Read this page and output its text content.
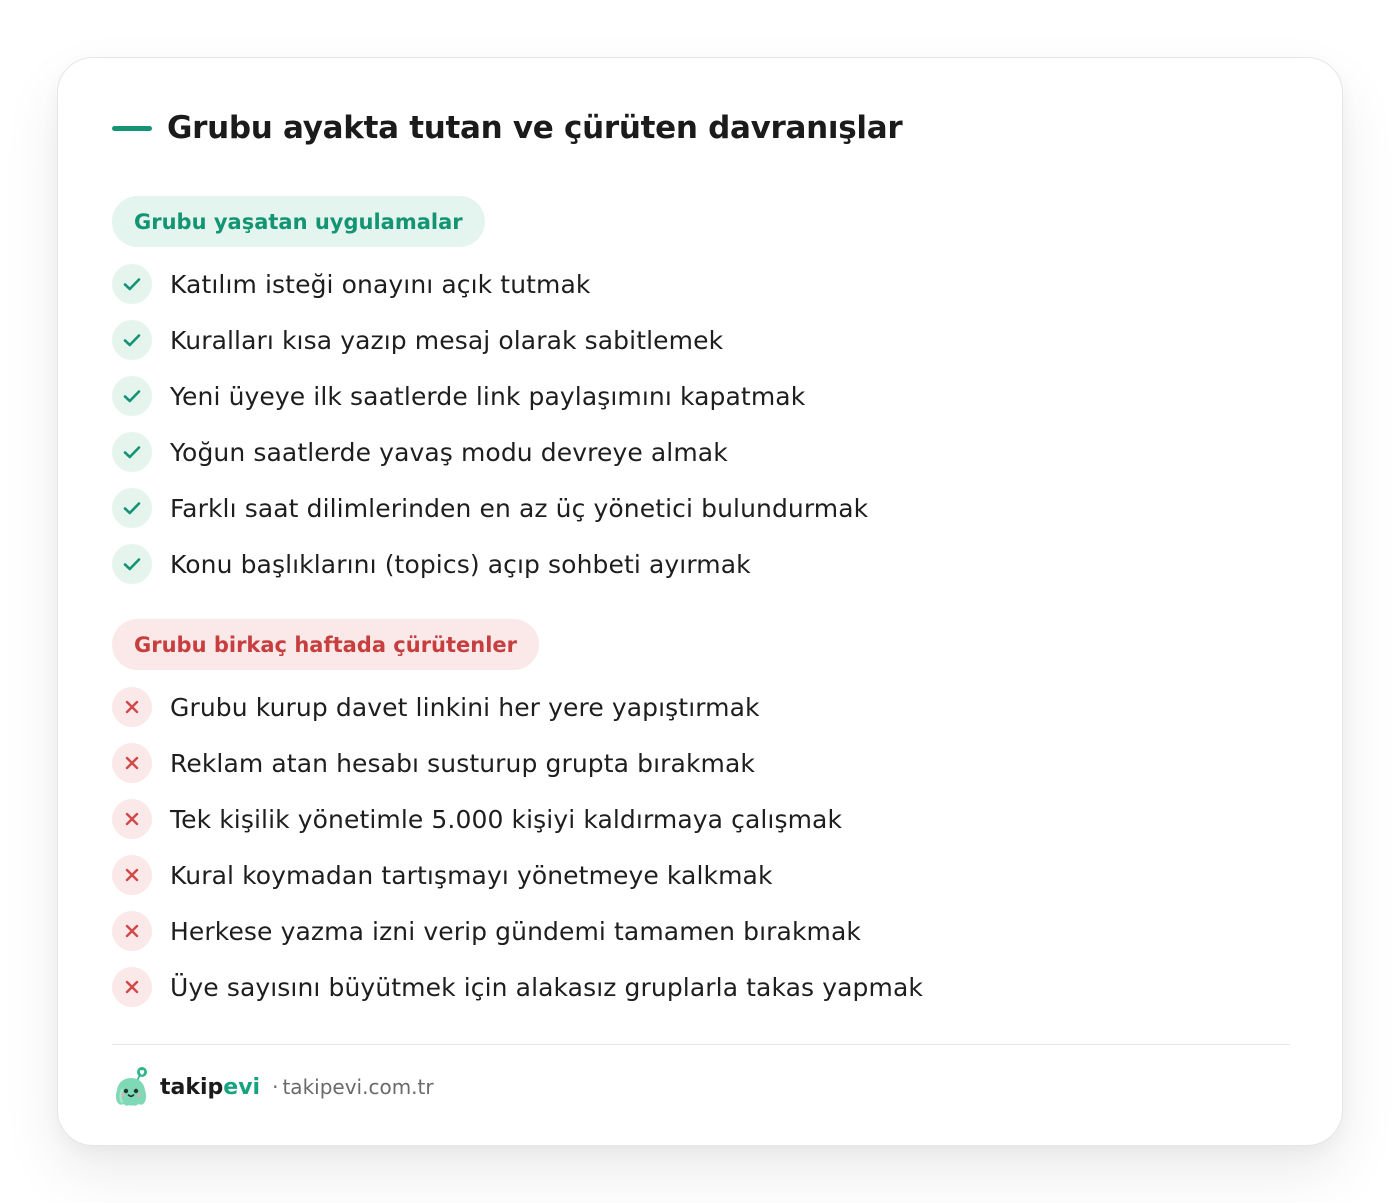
Grubu ayakta tutan ve çürüten davranışlar
Grubu yaşatan uygulamalar
Katılım isteği onayını açık tutmak
Kuralları kısa yazıp mesaj olarak sabitlemek
Yeni üyeye ilk saatlerde link paylaşımını kapatmak
Yoğun saatlerde yavaş modu devreye almak
Farklı saat dilimlerinden en az üç yönetici bulundurmak
Konu başlıklarını (topics) açıp sohbeti ayırmak
Grubu birkaç haftada çürütenler
Grubu kurup davet linkini her yere yapıştırmak
Reklam atan hesabı susturup grupta bırakmak
Tek kişilik yönetimle 5.000 kişiyi kaldırmaya çalışmak
Kural koymadan tartışmayı yönetmeye kalkmak
Herkese yazma izni verip gündemi tamamen bırakmak
Üye sayısını büyütmek için alakasız gruplarla takas yapmak
takipevi · takipevi.com.tr
